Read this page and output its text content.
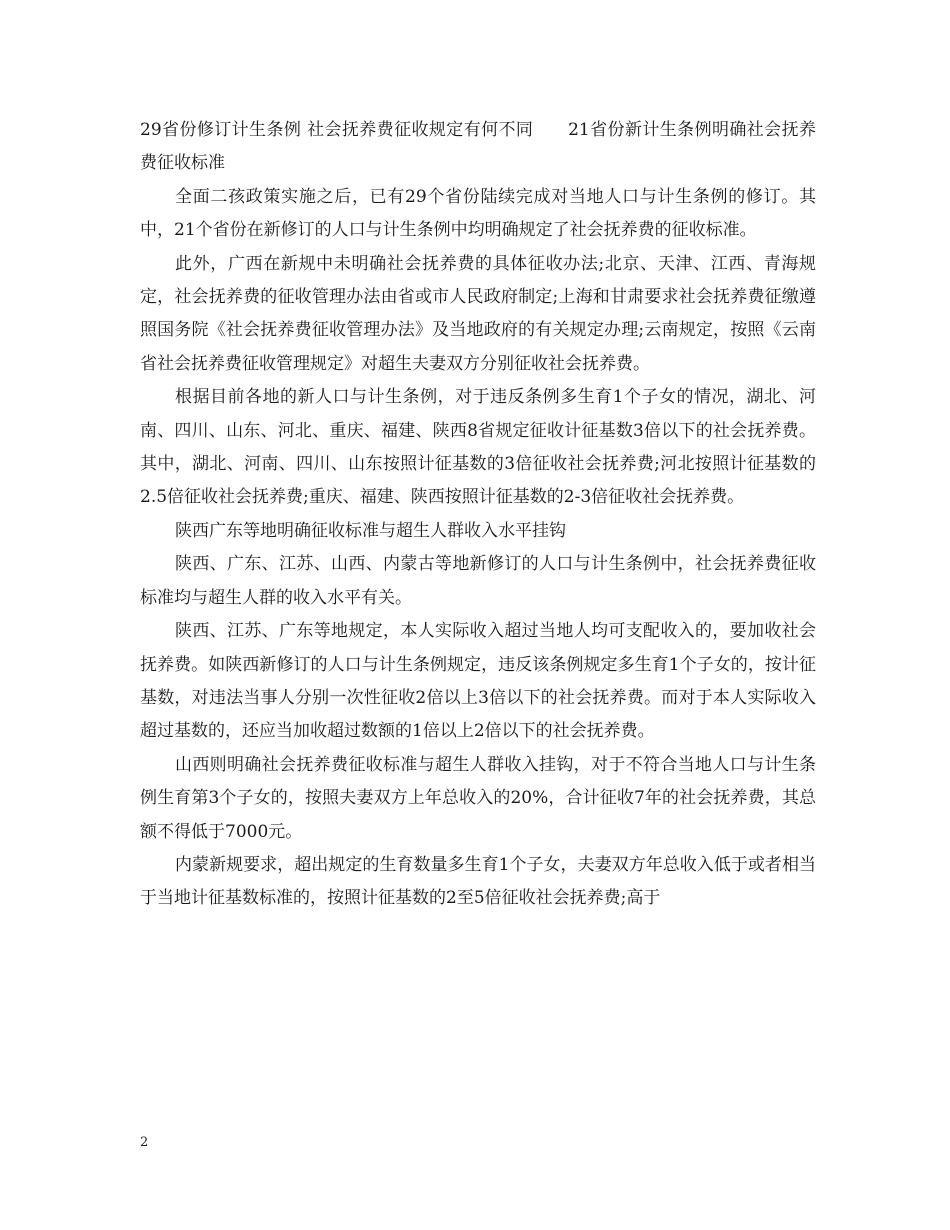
29省份修订计生条例 社会抚养费征收规定有何不同　　21省份新计生条例明确社会抚养费征收标准

全面二孩政策实施之后，已有29个省份陆续完成对当地人口与计生条例的修订。其中，21个省份在新修订的人口与计生条例中均明确规定了社会抚养费的征收标准。

此外，广西在新规中未明确社会抚养费的具体征收办法;北京、天津、江西、青海规定，社会抚养费的征收管理办法由省或市人民政府制定;上海和甘肃要求社会抚养费征缴遵照国务院《社会抚养费征收管理办法》及当地政府的有关规定办理;云南规定，按照《云南省社会抚养费征收管理规定》对超生夫妻双方分别征收社会抚养费。

根据目前各地的新人口与计生条例，对于违反条例多生育1个子女的情况，湖北、河南、四川、山东、河北、重庆、福建、陕西8省规定征收计征基数3倍以下的社会抚养费。其中，湖北、河南、四川、山东按照计征基数的3倍征收社会抚养费;河北按照计征基数的2.5倍征收社会抚养费;重庆、福建、陕西按照计征基数的2-3倍征收社会抚养费。

陕西广东等地明确征收标准与超生人群收入水平挂钩

陕西、广东、江苏、山西、内蒙古等地新修订的人口与计生条例中，社会抚养费征收标准均与超生人群的收入水平有关。

陕西、江苏、广东等地规定，本人实际收入超过当地人均可支配收入的，要加收社会抚养费。如陕西新修订的人口与计生条例规定，违反该条例规定多生育1个子女的，按计征基数，对违法当事人分别一次性征收2倍以上3倍以下的社会抚养费。而对于本人实际收入超过基数的，还应当加收超过数额的1倍以上2倍以下的社会抚养费。

山西则明确社会抚养费征收标准与超生人群收入挂钩，对于不符合当地人口与计生条例生育第3个子女的，按照夫妻双方上年总收入的20%，合计征收7年的社会抚养费，其总额不得低于7000元。

内蒙新规要求，超出规定的生育数量多生育1个子女，夫妻双方年总收入低于或者相当于当地计征基数标准的，按照计征基数的2至5倍征收社会抚养费;高于

2
